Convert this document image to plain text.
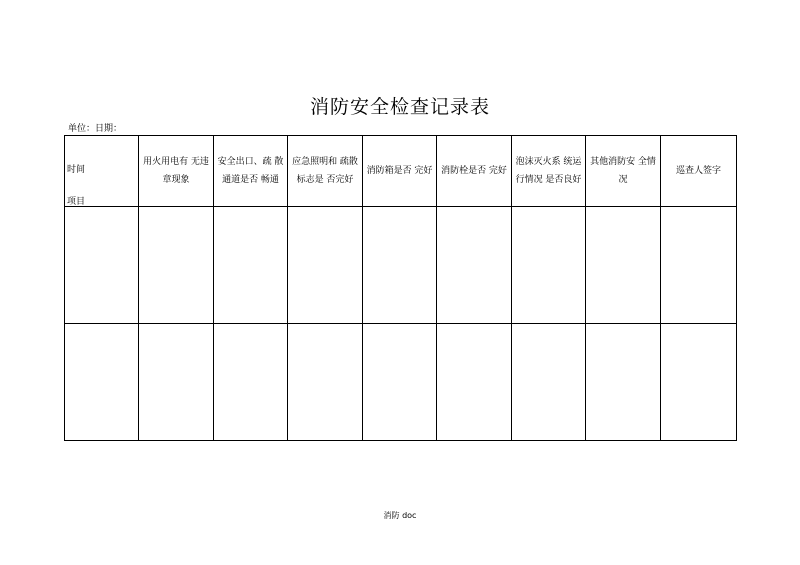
消防安全检查记录表
单位：日期：
时间
项目	用火用电有 无违章现象	安全出口、疏 散通道是否 畅通	应急照明和 疏散标志是 否完好	消防箱是否 完好	消防栓是否 完好	泡沫灭火系 统运行情况 是否良好	其他消防安 全情况	巡查人签字

消防 doc
